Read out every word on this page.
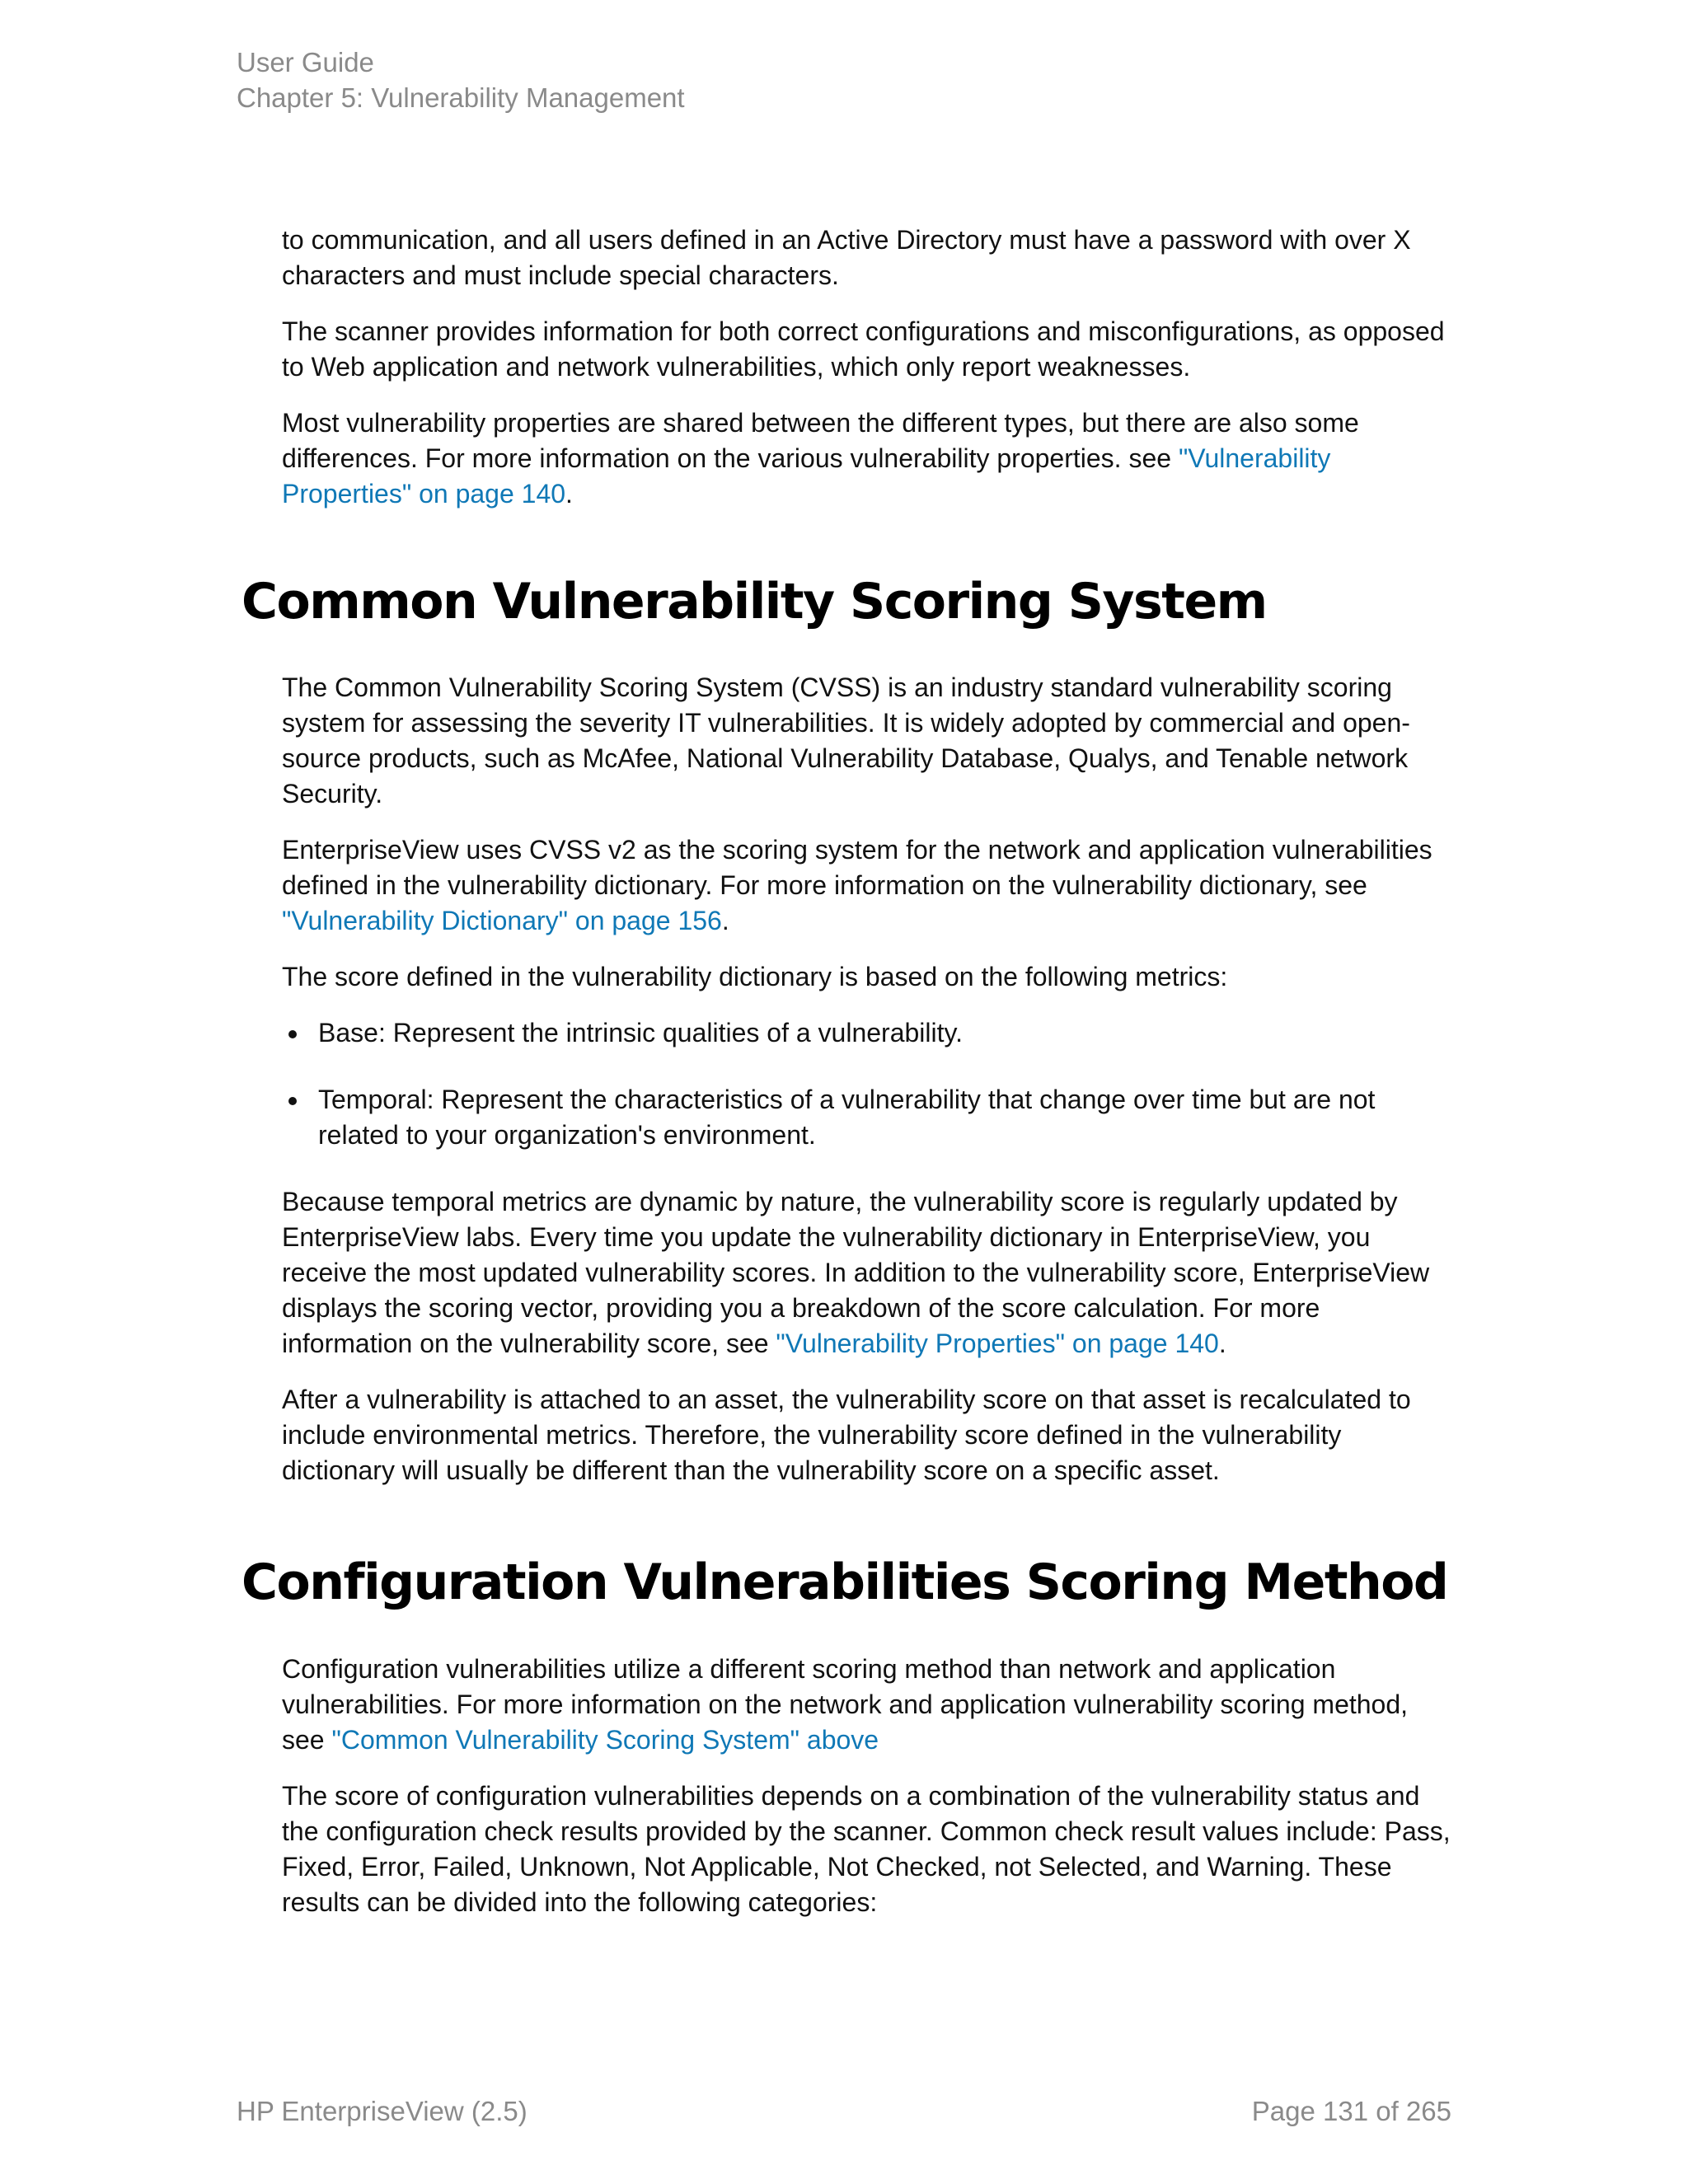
User Guide
Chapter 5: Vulnerability Management

to communication, and all users defined in an Active Directory must have a password with over X characters and must include special characters.

The scanner provides information for both correct configurations and misconfigurations, as opposed to Web application and network vulnerabilities, which only report weaknesses.

Most vulnerability properties are shared between the different types, but there are also some differences. For more information on the various vulnerability properties. see "Vulnerability Properties" on page 140.

Common Vulnerability Scoring System

The Common Vulnerability Scoring System (CVSS) is an industry standard vulnerability scoring system for assessing the severity IT vulnerabilities. It is widely adopted by commercial and open-source products, such as McAfee, National Vulnerability Database, Qualys, and Tenable network Security.

EnterpriseView uses CVSS v2 as the scoring system for the network and application vulnerabilities defined in the vulnerability dictionary. For more information on the vulnerability dictionary, see "Vulnerability Dictionary" on page 156.

The score defined in the vulnerability dictionary is based on the following metrics:

Base: Represent the intrinsic qualities of a vulnerability.
Temporal: Represent the characteristics of a vulnerability that change over time but are not related to your organization's environment.

Because temporal metrics are dynamic by nature, the vulnerability score is regularly updated by EnterpriseView labs. Every time you update the vulnerability dictionary in EnterpriseView, you receive the most updated vulnerability scores. In addition to the vulnerability score, EnterpriseView displays the scoring vector, providing you a breakdown of the score calculation. For more information on the vulnerability score, see "Vulnerability Properties" on page 140.

After a vulnerability is attached to an asset, the vulnerability score on that asset is recalculated to include environmental metrics. Therefore, the vulnerability score defined in the vulnerability dictionary will usually be different than the vulnerability score on a specific asset.

Configuration Vulnerabilities Scoring Method

Configuration vulnerabilities utilize a different scoring method than network and application vulnerabilities. For more information on the network and application vulnerability scoring method, see "Common Vulnerability Scoring System" above

The score of configuration vulnerabilities depends on a combination of the vulnerability status and the configuration check results provided by the scanner. Common check result values include: Pass, Fixed, Error, Failed, Unknown, Not Applicable, Not Checked, not Selected, and Warning. These results can be divided into the following categories:

HP EnterpriseView (2.5)	Page 131 of 265
